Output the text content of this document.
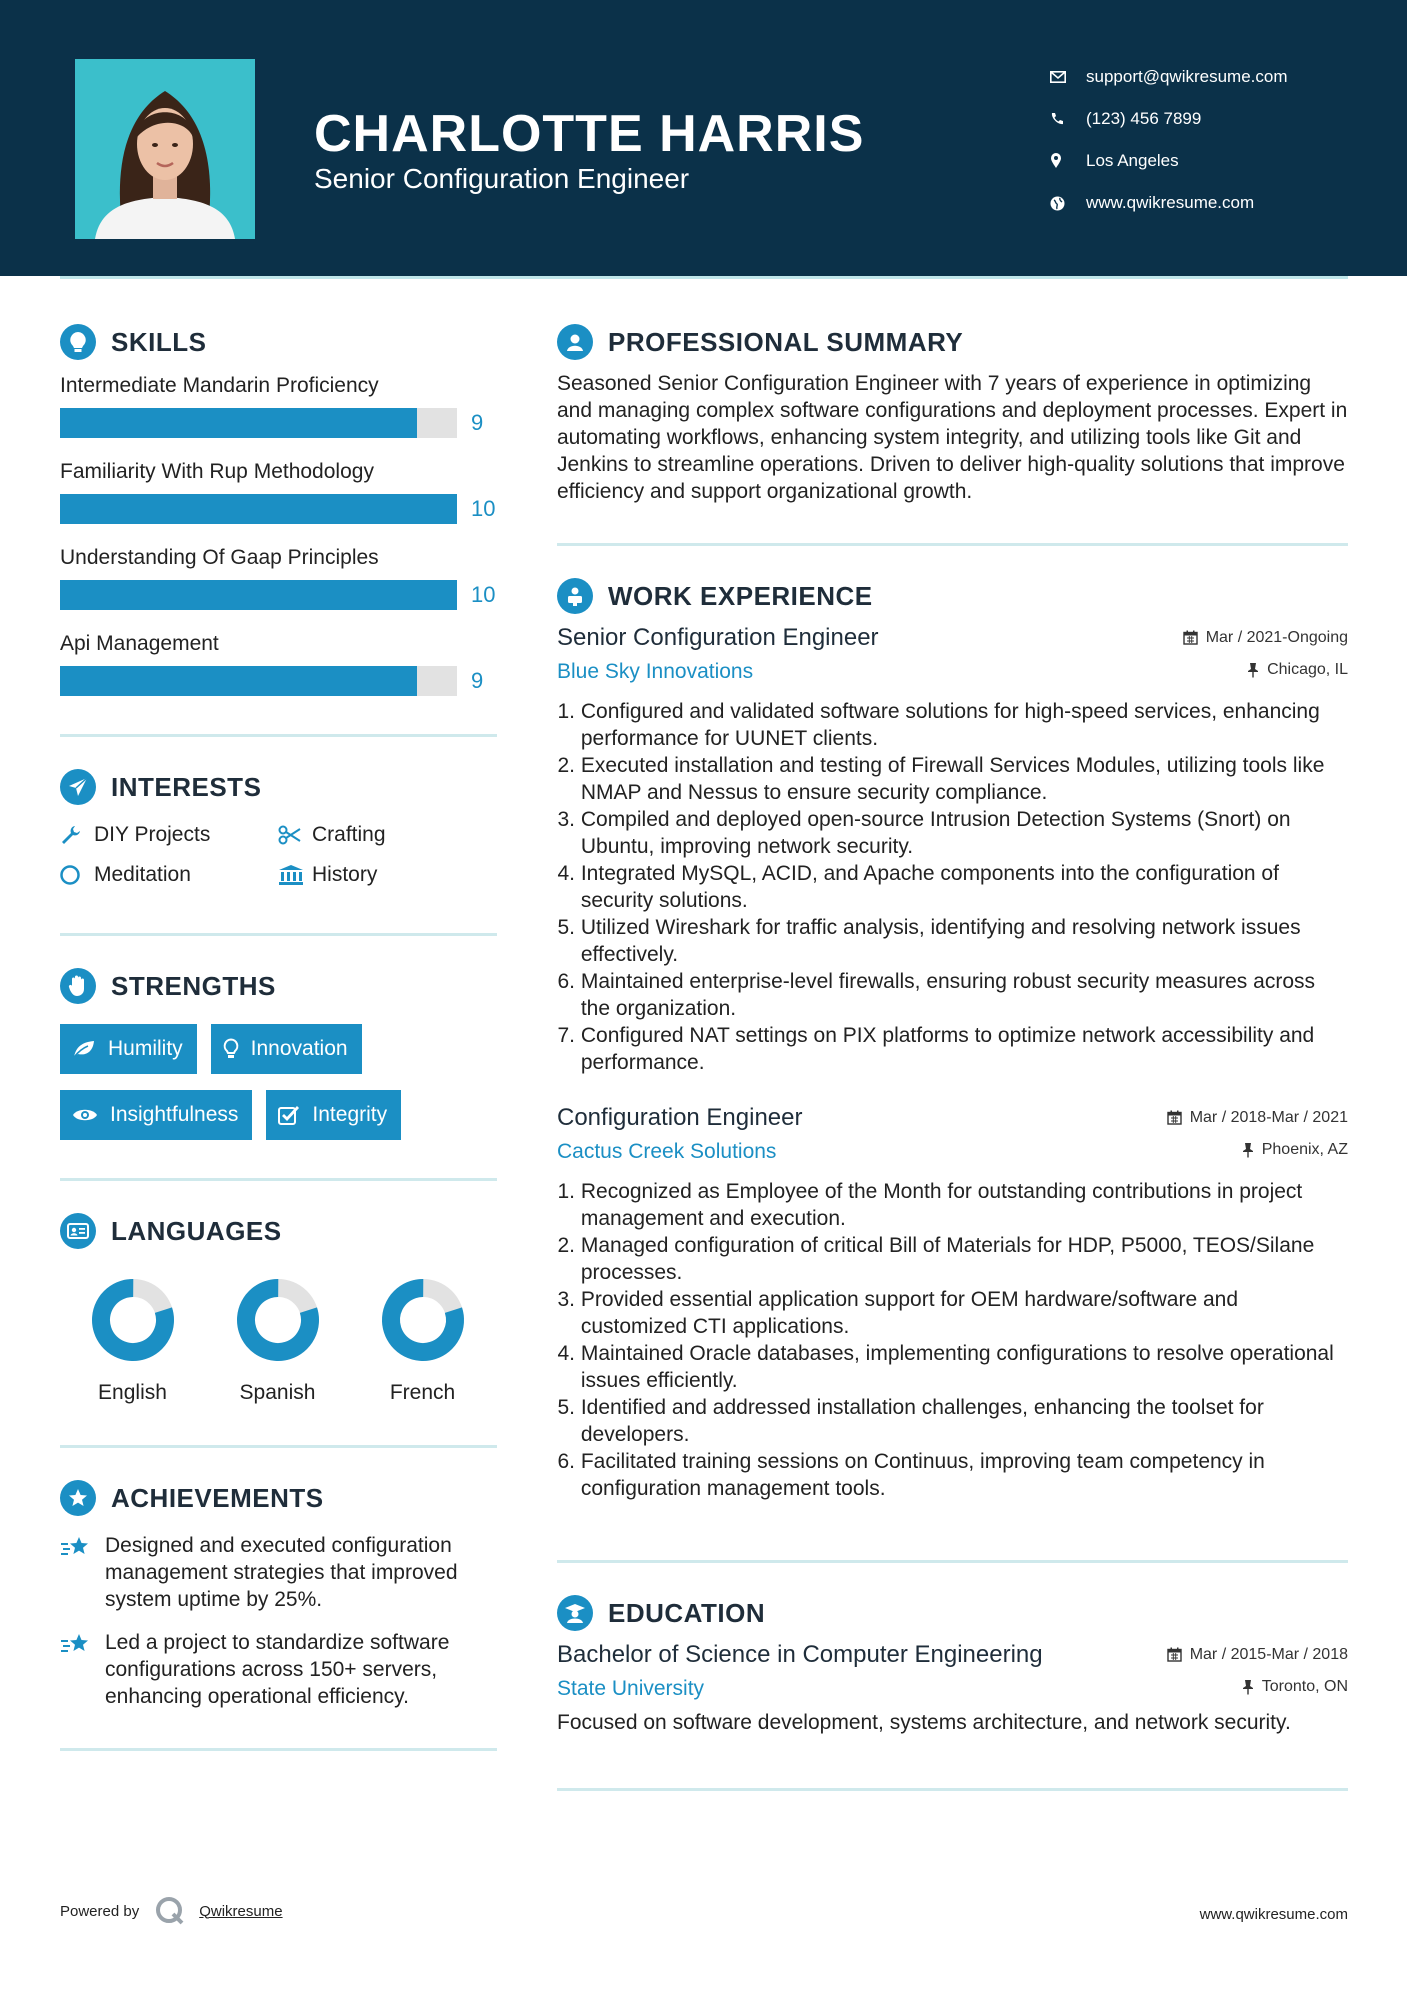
CHARLOTTE HARRIS
Senior Configuration Engineer
support@qwikresume.com
(123) 456 7899
Los Angeles
www.qwikresume.com
SKILLS
Intermediate Mandarin Proficiency
9
Familiarity With Rup Methodology
10
Understanding Of Gaap Principles
10
Api Management
9
INTERESTS
DIY Projects	Crafting
Meditation	History
STRENGTHS
Humility	Innovation
Insightfulness	Integrity
LANGUAGES
English	Spanish	French
ACHIEVEMENTS
Designed and executed configuration management strategies that improved system uptime by 25%.
Led a project to standardize software configurations across 150+ servers, enhancing operational efficiency.
PROFESSIONAL SUMMARY
Seasoned Senior Configuration Engineer with 7 years of experience in optimizing and managing complex software configurations and deployment processes. Expert in automating workflows, enhancing system integrity, and utilizing tools like Git and Jenkins to streamline operations. Driven to deliver high-quality solutions that improve efficiency and support organizational growth.
WORK EXPERIENCE
Senior Configuration Engineer	Mar / 2021-Ongoing
Blue Sky Innovations	Chicago, IL
1.
Configured and validated software solutions for high-speed services, enhancing performance for UUNET clients.
2.
Executed installation and testing of Firewall Services Modules, utilizing tools like NMAP and Nessus to ensure security compliance.
3.
Compiled and deployed open-source Intrusion Detection Systems (Snort) on Ubuntu, improving network security.
4.
Integrated MySQL, ACID, and Apache components into the configuration of security solutions.
5.
Utilized Wireshark for traffic analysis, identifying and resolving network issues effectively.
6.
Maintained enterprise-level firewalls, ensuring robust security measures across the organization.
7.
Configured NAT settings on PIX platforms to optimize network accessibility and performance.
Configuration Engineer	Mar / 2018-Mar / 2021
Cactus Creek Solutions	Phoenix, AZ
1.
Recognized as Employee of the Month for outstanding contributions in project management and execution.
2.
Managed configuration of critical Bill of Materials for HDP, P5000, TEOS/Silane processes.
3.
Provided essential application support for OEM hardware/software and customized CTI applications.
4.
Maintained Oracle databases, implementing configurations to resolve operational issues efficiently.
5.
Identified and addressed installation challenges, enhancing the toolset for developers.
6.
Facilitated training sessions on Continuus, improving team competency in configuration management tools.
EDUCATION
Bachelor of Science in Computer Engineering	Mar / 2015-Mar / 2018
State University	Toronto, ON
Focused on software development, systems architecture, and network security.
Powered by	Qwikresume	www.qwikresume.com
